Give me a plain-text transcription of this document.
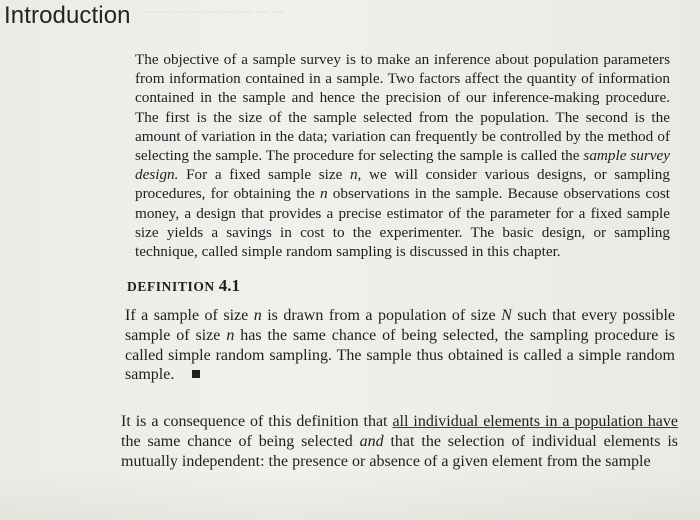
Introduction — — — — — — — — —

The objective of a sample survey is to make an inference about population parameters from information contained in a sample. Two factors affect the quantity of information contained in the sample and hence the precision of our inference-making procedure. The first is the size of the sample selected from the population. The second is the amount of variation in the data; variation can frequently be controlled by the method of selecting the sample. The procedure for selecting the sample is called the sample survey design. For a fixed sample size n, we will consider various designs, or sampling procedures, for obtaining the n observations in the sample. Because observations cost money, a design that provides a precise estimator of the parameter for a fixed sample size yields a savings in cost to the experimenter. The basic design, or sampling technique, called simple random sampling is discussed in this chapter.

DEFINITION 4.1

If a sample of size n is drawn from a population of size N such that every possible sample of size n has the same chance of being selected, the sampling procedure is called simple random sampling. The sample thus obtained is called a simple random sample.

It is a consequence of this definition that all individual elements in a population have the same chance of being selected and that the selection of individual elements is mutually independent: the presence or absence of a given element from the sample
